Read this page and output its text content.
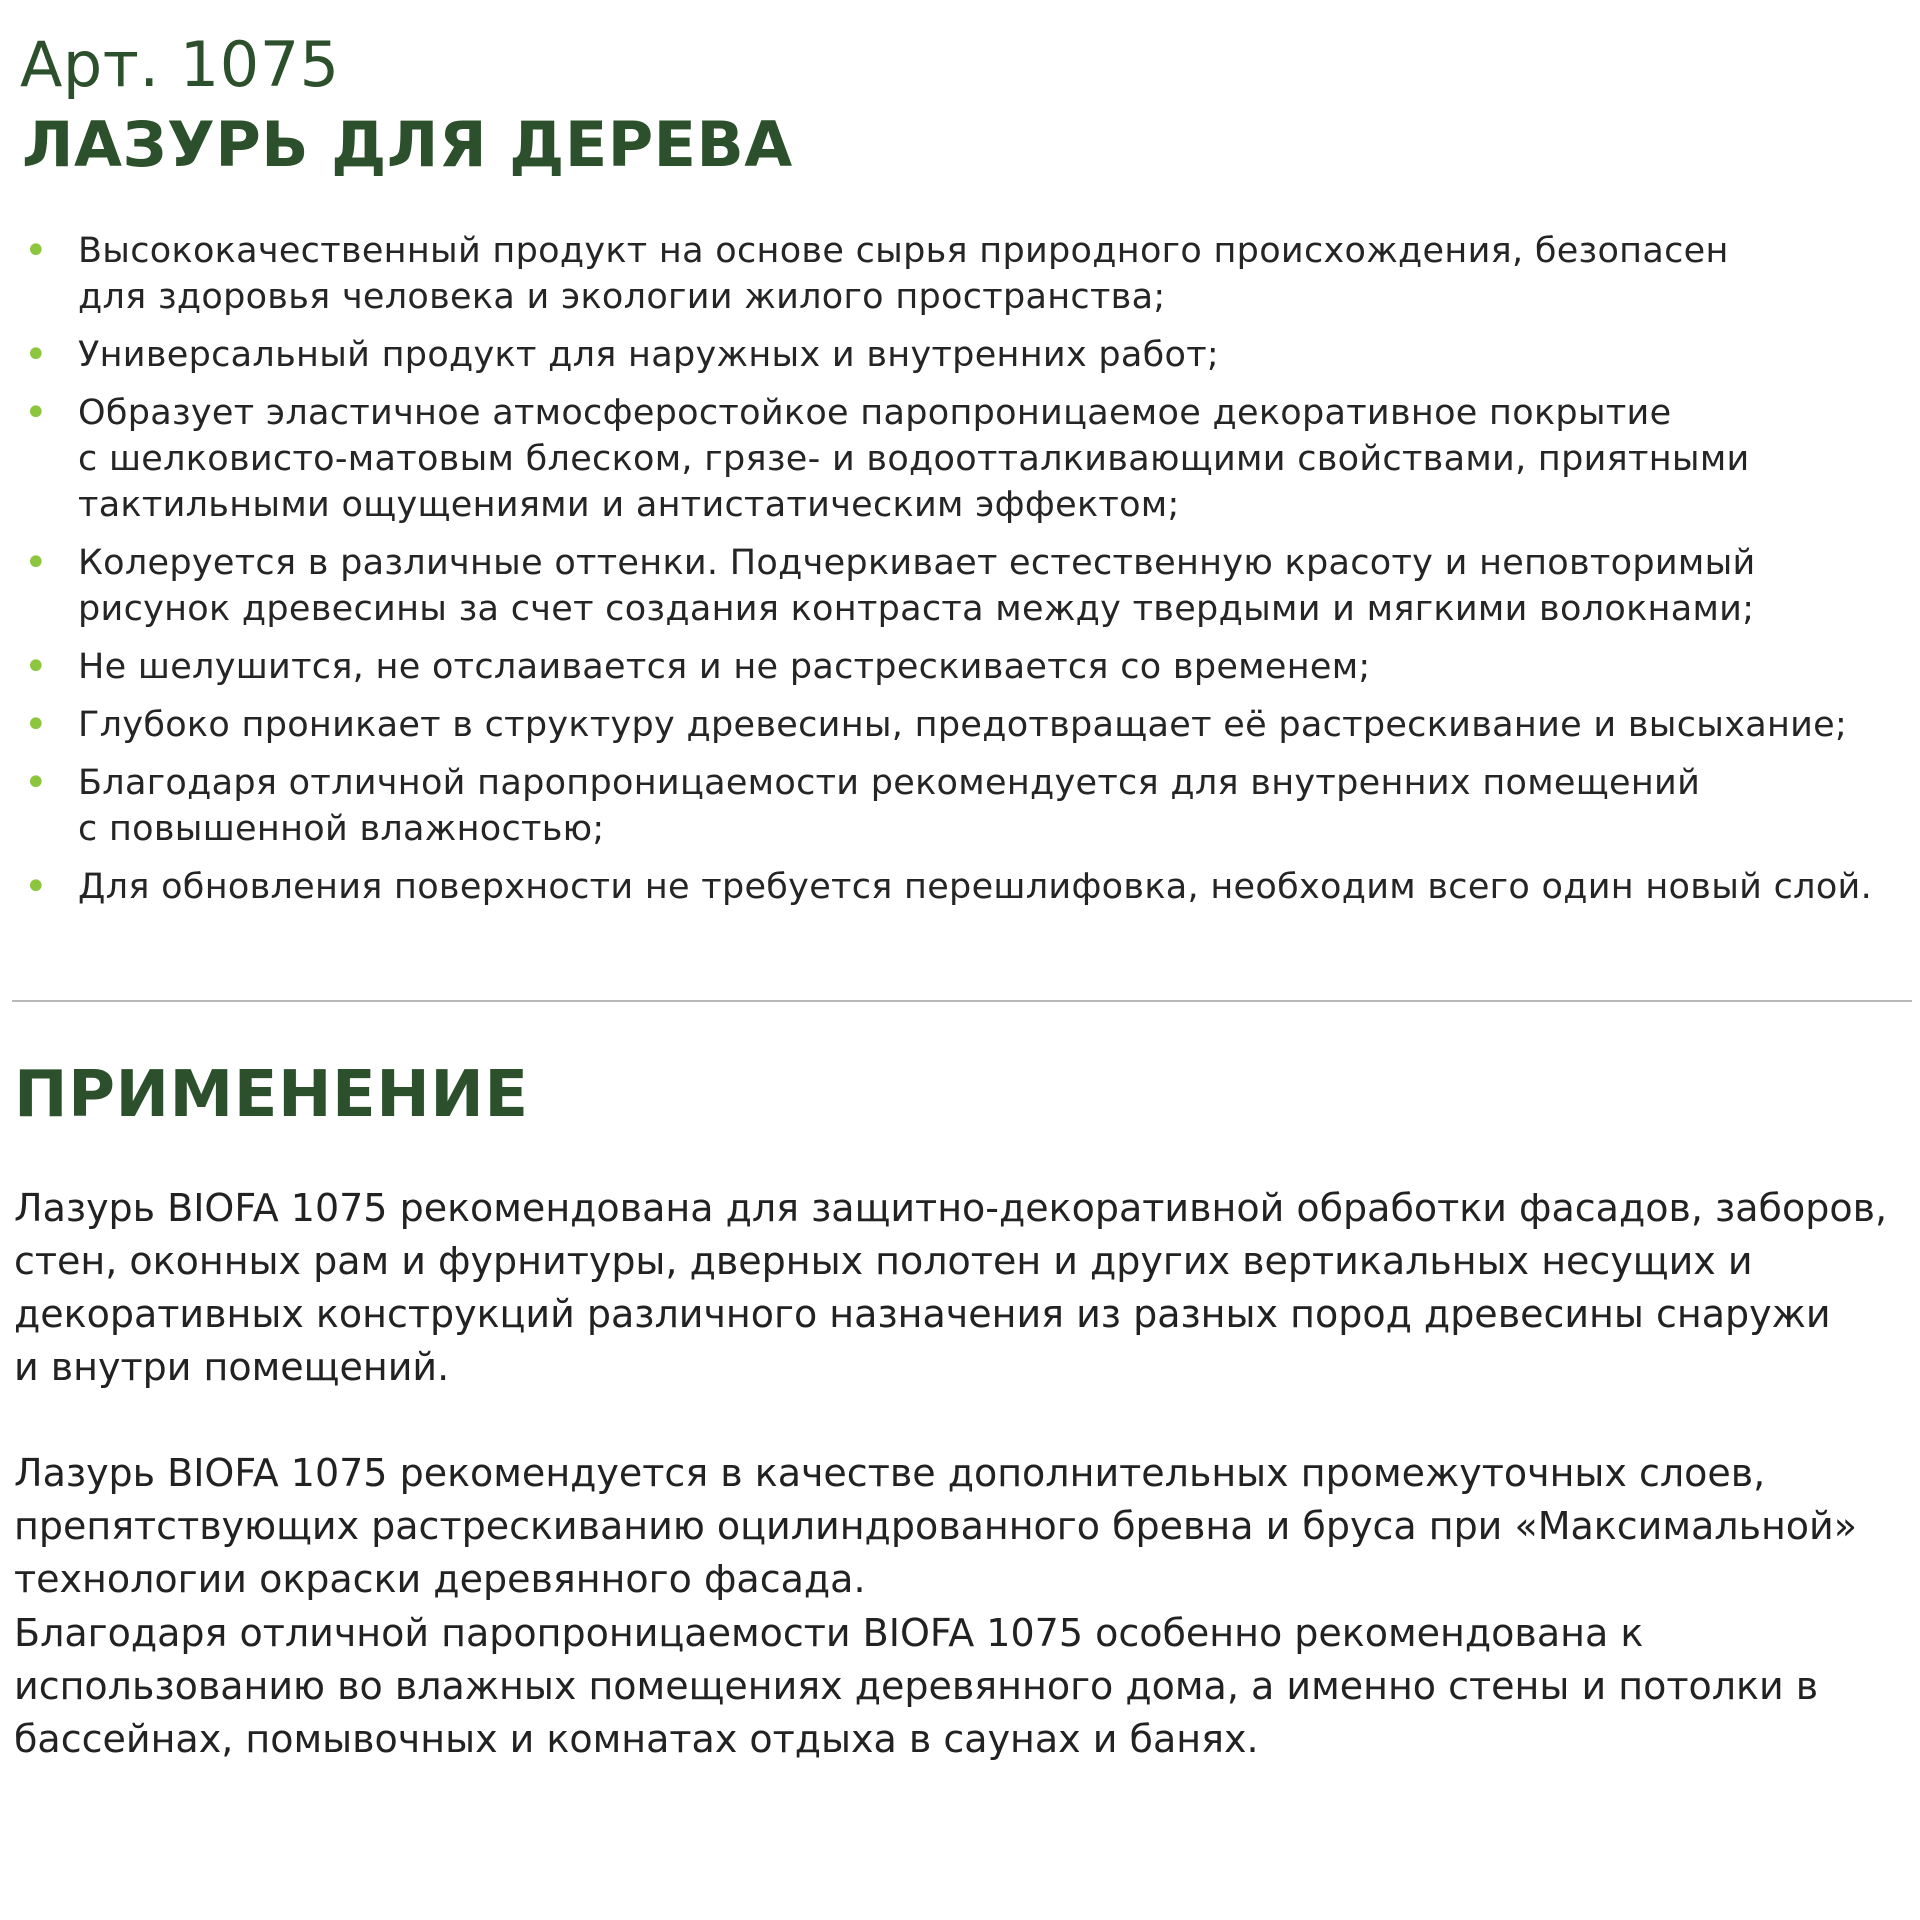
Арт. 1075
ЛАЗУРЬ ДЛЯ ДЕРЕВА
• Высококачественный продукт на основе сырья природного происхождения, безопасен
для здоровья человека и экологии жилого пространства;
• Универсальный продукт для наружных и внутренних работ;
• Образует эластичное атмосферостойкое паропроницаемое декоративное покрытие
с шелковисто-матовым блеском, грязе- и водоотталкивающими свойствами, приятными
тактильными ощущениями и антистатическим эффектом;
• Колеруется в различные оттенки. Подчеркивает естественную красоту и неповторимый
рисунок древесины за счет создания контраста между твердыми и мягкими волокнами;
• Не шелушится, не отслаивается и не растрескивается со временем;
• Глубоко проникает в структуру древесины, предотвращает её растрескивание и высыхание;
• Благодаря отличной паропроницаемости рекомендуется для внутренних помещений
с повышенной влажностью;
• Для обновления поверхности не требуется перешлифовка, необходим всего один новый слой.
ПРИМЕНЕНИЕ

Лазурь BIOFA 1075 рекомендована для защитно-декоративной обработки фасадов, заборов,
стен, оконных рам и фурнитуры, дверных полотен и других вертикальных несущих и
декоративных конструкций различного назначения из разных пород древесины снаружи
и внутри помещений.

Лазурь BIOFA 1075 рекомендуется в качестве дополнительных промежуточных слоев,
препятствующих растрескиванию оцилиндрованного бревна и бруса при «Максимальной»
технологии окраски деревянного фасада.

Благодаря отличной паропроницаемости BIOFA 1075 особенно рекомендована к
использованию во влажных помещениях деревянного дома, а именно стены и потолки в
бассейнах, помывочных и комнатах отдыха в саунах и банях.
